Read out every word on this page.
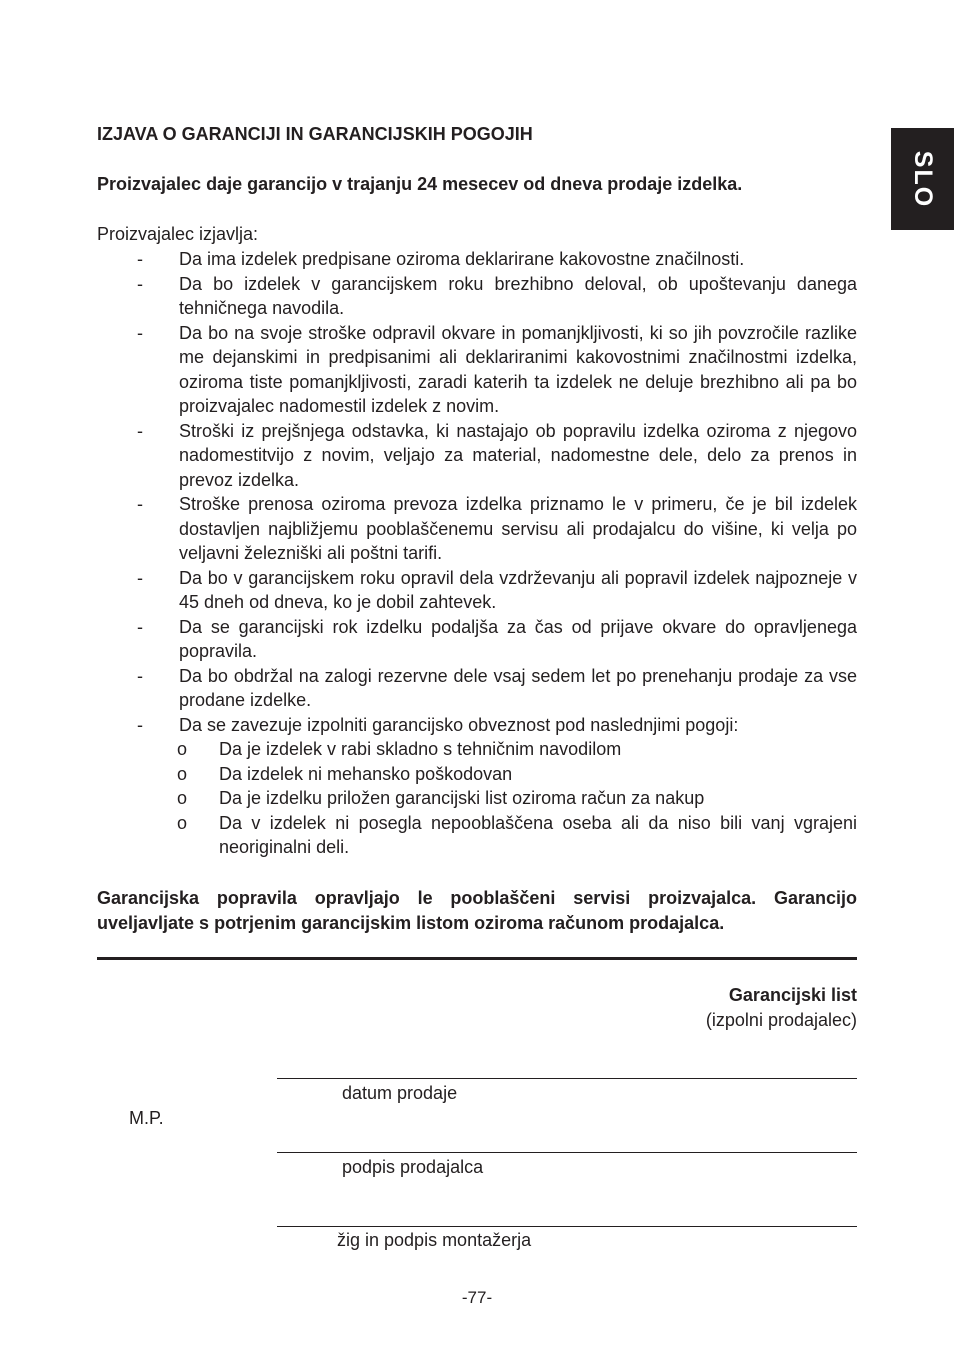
SLO
IZJAVA O GARANCIJI IN GARANCIJSKIH POGOJIH
Proizvajalec daje garancijo v trajanju 24 mesecev od dneva prodaje izdelka.
Proizvajalec izjavlja:
-	Da ima izdelek predpisane oziroma deklarirane kakovostne značilnosti.
-	Da bo izdelek v garancijskem roku brezhibno deloval, ob upoštevanju danega tehničnega navodila.
-	Da bo na svoje stroške odpravil okvare in pomanjkljivosti, ki so jih povzročile razlike me dejanskimi in predpisanimi ali deklariranimi kakovostnimi značilnostmi izdelka, oziroma tiste pomanjkljivosti, zaradi katerih ta izdelek ne deluje brezhibno ali pa bo proizvajalec nadomestil izdelek z novim.
-	Stroški iz prejšnjega odstavka, ki nastajajo ob popravilu izdelka oziroma z njegovo nadomestitvijo z novim, veljajo za material, nadomestne dele, delo za prenos in prevoz izdelka.
-	Stroške prenosa oziroma prevoza izdelka priznamo le v primeru, če je bil izdelek dostavljen najbližjemu pooblaščenemu servisu ali prodajalcu do višine, ki velja po veljavni železniški ali poštni tarifi.
-	Da bo v garancijskem roku opravil dela vzdrževanju ali popravil izdelek najpozneje v 45 dneh od dneva, ko je dobil zahtevek.
-	Da se garancijski rok izdelku podaljša za čas od prijave okvare do opravljenega popravila.
-	Da bo obdržal na zalogi rezervne dele vsaj sedem let po prenehanju prodaje za vse prodane izdelke.
-	Da se zavezuje izpolniti garancijsko obveznost pod naslednjimi pogoji:
o	Da je izdelek v rabi skladno s tehničnim navodilom
o	Da izdelek ni mehansko poškodovan
o	Da je izdelku priložen garancijski list oziroma račun za nakup
o	Da v izdelek ni posegla nepooblaščena oseba ali da niso bili vanj vgrajeni neoriginalni deli.
Garancijska popravila opravljajo le pooblaščeni servisi proizvajalca. Garancijo uveljavljate s potrjenim garancijskim listom oziroma računom prodajalca.
Garancijski list
(izpolni prodajalec)
datum prodaje
M.P.
podpis prodajalca
žig in podpis montažerja
-77-
